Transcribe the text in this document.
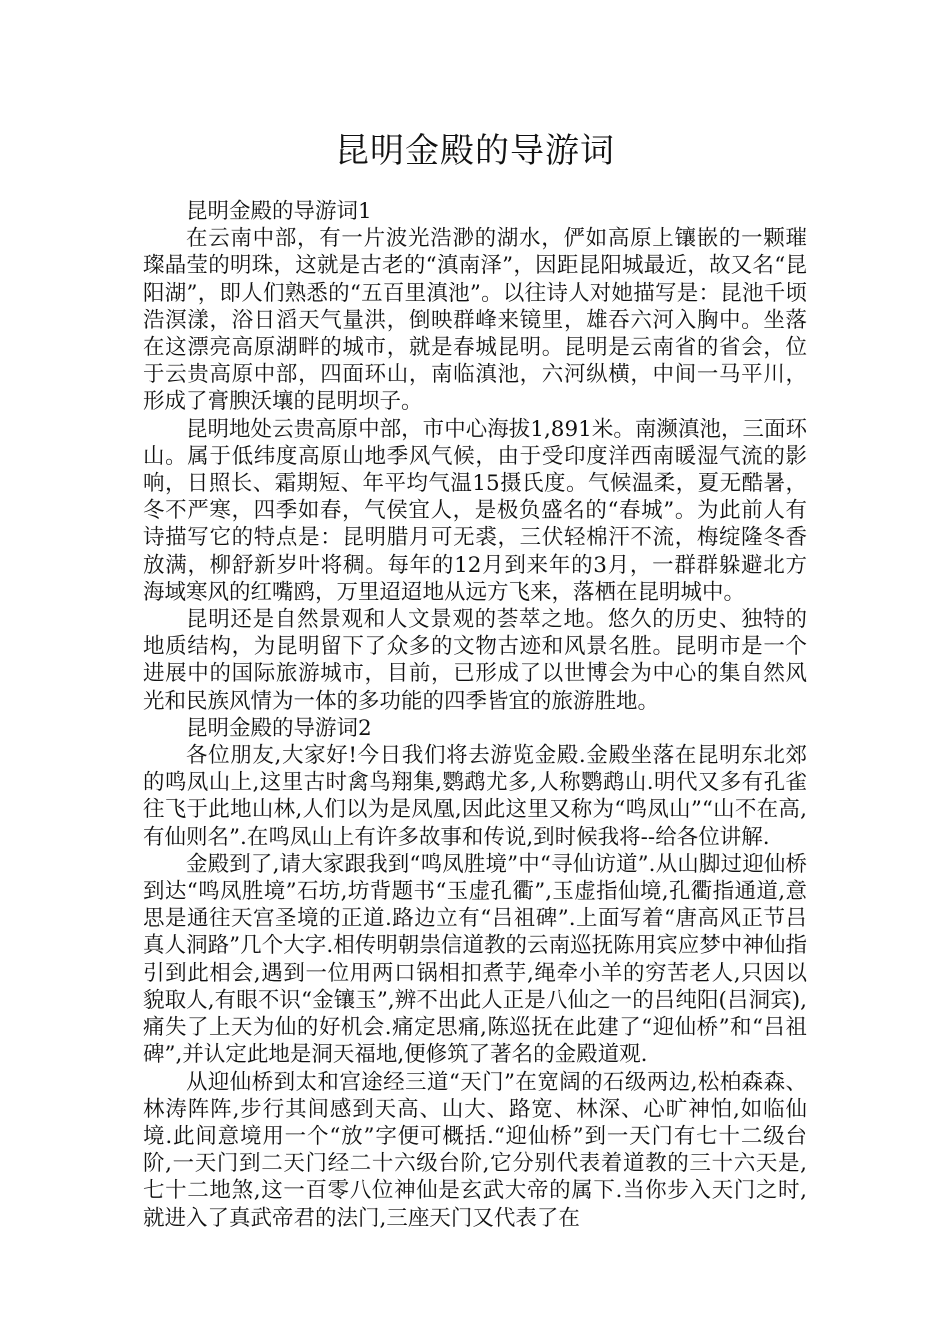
昆明金殿的导游词

昆明金殿的导游词1

在云南中部，有一片波光浩渺的湖水，俨如高原上镶嵌的一颗璀璨晶莹的明珠，这就是古老的“滇南泽”，因距昆阳城最近，故又名“昆阳湖”，即人们熟悉的“五百里滇池”。以往诗人对她描写是：昆池千顷浩溟漾，浴日滔天气量洪，倒映群峰来镜里，雄吞六河入胸中。坐落在这漂亮高原湖畔的城市，就是春城昆明。昆明是云南省的省会，位于云贵高原中部，四面环山，南临滇池，六河纵横，中间一马平川，形成了膏腴沃壤的昆明坝子。

昆明地处云贵高原中部，市中心海拔1,891米。南濒滇池，三面环山。属于低纬度高原山地季风气候，由于受印度洋西南暖湿气流的影响，日照长、霜期短、年平均气温15摄氏度。气候温柔，夏无酷暑，冬不严寒，四季如春，气侯宜人，是极负盛名的“春城”。为此前人有诗描写它的特点是：昆明腊月可无裘，三伏轻棉汗不流，梅绽隆冬香放满，柳舒新岁叶将稠。每年的12月到来年的3月，一群群躲避北方海域寒风的红嘴鸥，万里迢迢地从远方飞来，落栖在昆明城中。

昆明还是自然景观和人文景观的荟萃之地。悠久的历史、独特的地质结构，为昆明留下了众多的文物古迹和风景名胜。昆明市是一个进展中的国际旅游城市，目前，已形成了以世博会为中心的集自然风光和民族风情为一体的多功能的四季皆宜的旅游胜地。

昆明金殿的导游词2

各位朋友,大家好!今日我们将去游览金殿.金殿坐落在昆明东北郊的鸣凤山上,这里古时禽鸟翔集,鹦鹉尤多,人称鹦鹉山.明代又多有孔雀往飞于此地山林,人们以为是凤凰,因此这里又称为“鸣凤山”“山不在高,有仙则名”.在鸣凤山上有许多故事和传说,到时候我将--给各位讲解.

金殿到了,请大家跟我到“鸣凤胜境”中“寻仙访道”.从山脚过迎仙桥到达“鸣凤胜境”石坊,坊背题书“玉虚孔衢”,玉虚指仙境,孔衢指通道,意思是通往天宫圣境的正道.路边立有“吕祖碑”.上面写着“唐高风正节吕真人洞路”几个大字.相传明朝祟信道教的云南巡抚陈用宾应梦中神仙指引到此相会,遇到一位用两口锅相扣煮芋,绳牵小羊的穷苦老人,只因以貌取人,有眼不识“金镶玉”,辨不出此人正是八仙之一的吕纯阳(吕洞宾),痛失了上天为仙的好机会.痛定思痛,陈巡抚在此建了“迎仙桥”和“吕祖碑”,并认定此地是洞天福地,便修筑了著名的金殿道观.

从迎仙桥到太和宫途经三道“天门”在宽阔的石级两边,松柏森森、林涛阵阵,步行其间感到天高、山大、路宽、林深、心旷神怕,如临仙境.此间意境用一个“放”字便可概括.“迎仙桥”到一天门有七十二级台阶,一天门到二天门经二十六级台阶,它分别代表着道教的三十六天是,七十二地煞,这一百零八位神仙是玄武大帝的属下.当你步入天门之时,就进入了真武帝君的法门,三座天门又代表了在
